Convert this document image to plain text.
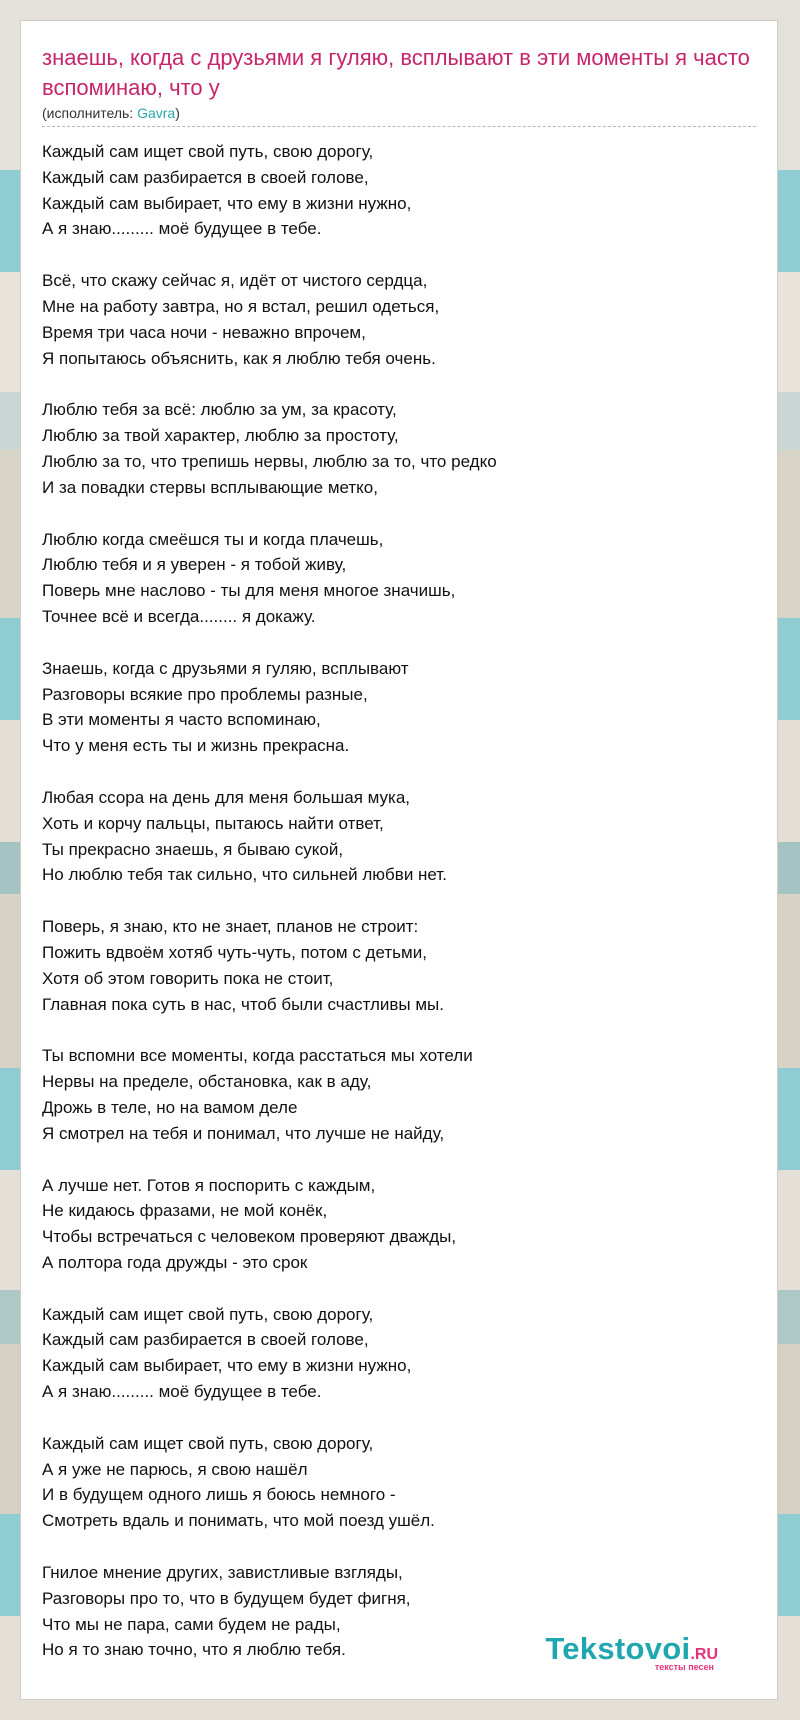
знаешь, когда с друзьями я гуляю, всплывают в эти моменты я часто вспоминаю, что у
(исполнитель: Gavra)
Каждый сам ищет свой путь, свою дорогу,
Каждый сам разбирается в своей голове,
Каждый сам выбирает, что ему в жизни нужно,
А я знаю......... моё будущее в тебе.
Всё, что скажу сейчас я, идёт от чистого сердца,
Мне на работу завтра, но я встал, решил одеться,
Время три часа ночи - неважно впрочем,
Я попытаюсь объяснить, как я люблю тебя очень.
Люблю тебя за всё: люблю за ум, за красоту,
Люблю за твой характер, люблю за простоту,
Люблю за то, что трепишь нервы, люблю за то, что редко
И за повадки стервы всплывающие метко,
Люблю когда смеёшся ты и когда плачешь,
Люблю тебя и я уверен - я тобой живу,
Поверь мне наслово - ты для меня многое значишь,
Точнее всё и всегда........ я докажу.
Знаешь, когда с друзьями я гуляю, всплывают
Разговоры всякие про проблемы разные,
В эти моменты я часто вспоминаю,
Что у меня есть ты и жизнь прекрасна.
Любая ссора на день для меня большая мука,
Хоть и корчу пальцы, пытаюсь найти ответ,
Ты прекрасно знаешь, я бываю сукой,
Но люблю тебя так сильно, что сильней любви нет.
Поверь, я знаю, кто не знает, планов не строит:
Пожить вдвоём хотяб чуть-чуть, потом с детьми,
Хотя об этом говорить пока не стоит,
Главная пока суть в нас, чтоб были счастливы мы.
Ты вспомни все моменты, когда расстаться мы хотели
Нервы на пределе, обстановка, как в аду,
Дрожь в теле, но на вамом деле
Я смотрел на тебя и понимал, что лучше не найду,
А лучше нет. Готов я поспорить с каждым,
Не кидаюсь фразами, не мой конёк,
Чтобы встречаться с человеком проверяют дважды,
А полтора года дружды - это срок
Каждый сам ищет свой путь, свою дорогу,
Каждый сам разбирается в своей голове,
Каждый сам выбирает, что ему в жизни нужно,
А я знаю......... моё будущее в тебе.
Каждый сам ищет свой путь, свою дорогу,
А я уже не парюсь, я свою нашёл
И в будущем одного лишь я боюсь немного -
Смотреть вдаль и понимать, что мой поезд ушёл.
Гнилое мнение других, завистливые взгляды,
Разговоры про то, что в будущем будет фигня,
Что мы не пара, сами будем не рады,
Но я то знаю точно, что я люблю тебя.	Tekstovoi.RU
тексты песен
